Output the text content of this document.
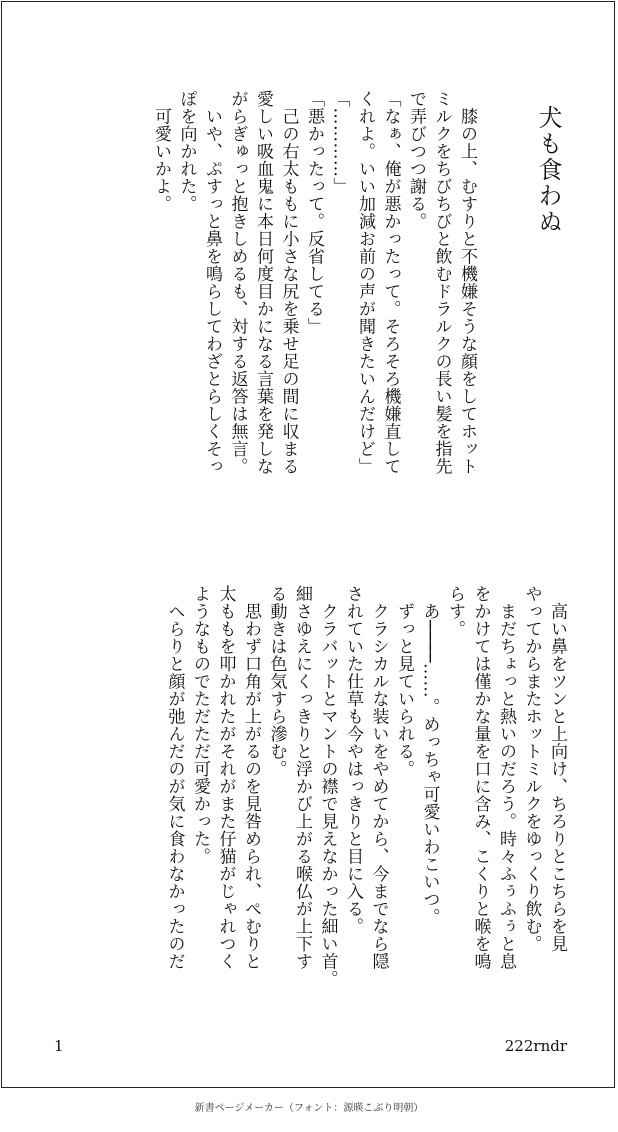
犬も食わぬ
　膝の上、むすりと不機嫌そうな顔をしてホット
ミルクをちびちびと飲むドラルクの長い髪を指先
で弄びつつ謝る。
「なぁ、俺が悪かったって。そろそろ機嫌直して
くれよ。いい加減お前の声が聞きたいんだけど」
「…………」
「悪かったって。反省してる」
　己の右太ももに小さな尻を乗せ足の間に収まる
愛しい吸血鬼に本日何度目かになる言葉を発しな
がらぎゅっと抱きしめるも、対する返答は無言。
　いや、ぷすっと鼻を鳴らしてわざとらしくそっ
ぽを向かれた。
　可愛いかよ。
　高い鼻をツンと上向け、ちろりとこちらを見
やってからまたホットミルクをゆっくり飲む。
　まだちょっと熱いのだろう。時々ふぅふぅと息
をかけては僅かな量を口に含み、こくりと喉を鳴
らす。
　あ────……。めっちゃ可愛いわこいつ。
　ずっと見ていられる。
　クラシカルな装いをやめてから、今までなら隠
されていた仕草も今やはっきりと目に入る。
　クラバットとマントの襟で見えなかった細い首。
細さゆえにくっきりと浮かび上がる喉仏が上下す
る動きは色気すら滲む。
　思わず口角が上がるのを見咎められ、ぺむりと
太ももを叩かれたがそれがまた仔猫がじゃれつく
ようなものでただただ可愛かった。
　へらりと顔が弛んだのが気に食わなかったのだ
1	222rndr
新書ページメーカー（フォント：源暎こぶり明朝）
